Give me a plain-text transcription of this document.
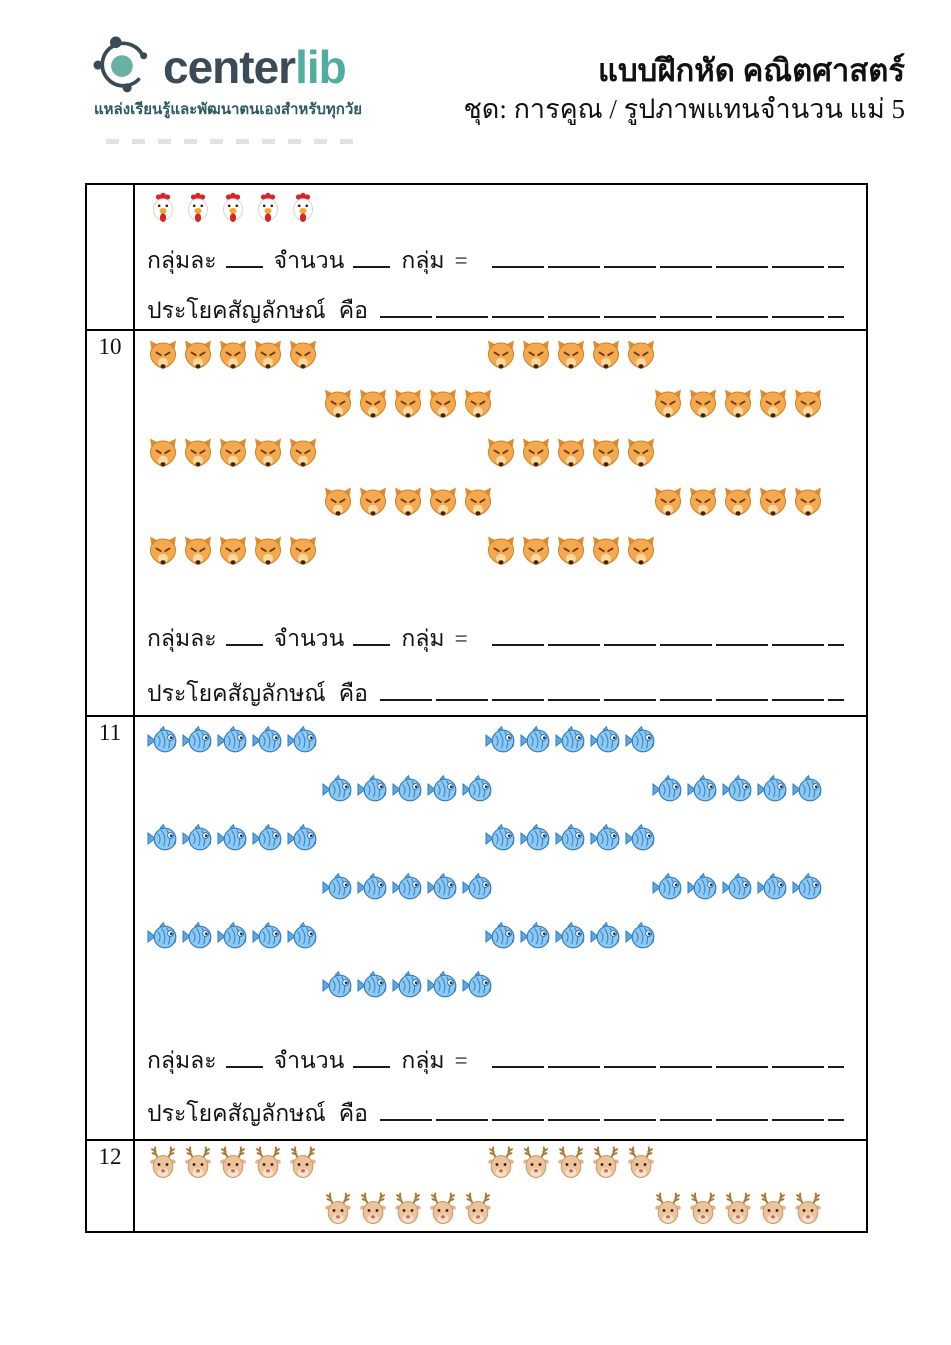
centerlib
แหล่งเรียนรู้และพัฒนาตนเองสำหรับทุกวัย
แบบฝึกหัด คณิตศาสตร์
ชุด: การคูณ / รูปภาพแทนจำนวน แม่ 5
กลุ่มละ จำนวน กลุ่ม =
ประโยคสัญลักษณ์ คือ
10
กลุ่มละ จำนวน กลุ่ม =
ประโยคสัญลักษณ์ คือ
11
กลุ่มละ จำนวน กลุ่ม =
ประโยคสัญลักษณ์ คือ
12
